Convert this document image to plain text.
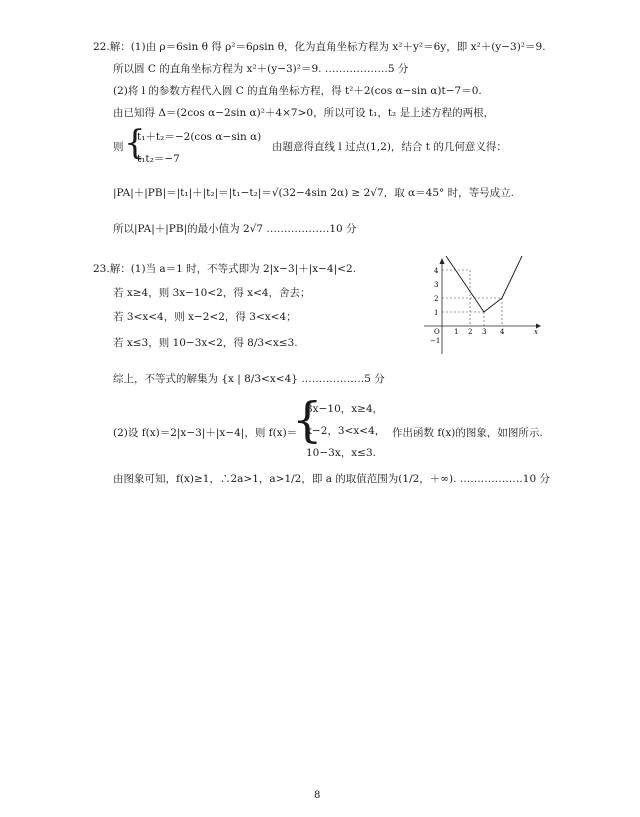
22.解：(1)由 ρ＝6sin θ 得 ρ²＝6ρsin θ，化为直角坐标方程为 x²＋y²＝6y，即 x²＋(y−3)²＝9.
所以圆 C 的直角坐标方程为 x²＋(y−3)²＝9. ………………5 分
(2)将 l 的参数方程代入圆 C 的直角坐标方程，得 t²＋2(cos α−sin α)t−7＝0.
由已知得 Δ＝(2cos α−2sin α)²＋4×7>0，所以可设 t₁，t₂ 是上述方程的两根，
则 {
t₁＋t₂＝−2(cos α−sin α)
t₁t₂＝−7
由题意得直线 l 过点(1,2)，结合 t 的几何意义得：
|PA|＋|PB|＝|t₁|＋|t₂|＝|t₁−t₂|＝√(32−4sin 2α) ≥ 2√7，取 α＝45° 时，等号成立.
所以|PA|＋|PB|的最小值为 2√7 ………………10 分
23.解：(1)当 a＝1 时，不等式即为 2|x−3|＋|x−4|<2.
若 x≥4，则 3x−10<2，得 x<4，舍去；
若 3<x<4，则 x−2<2，得 3<x<4；
若 x≤3，则 10−3x<2，得 8/3<x≤3.
综上，不等式的解集为 {x | 8/3<x<4} ………………5 分
(2)设 f(x)＝2|x−3|＋|x−4|，则 f(x)＝
{
3x−10，x≥4，
x−2，3<x<4，
10−3x，x≤3.
作出函数 f(x)的图象，如图所示.
由图象可知，f(x)≥1，∴2a>1，a>1/2，即 a 的取值范围为(1/2，＋∞). ………………10 分
4
3
2
1
−1
O 1 2 3 4	x
8
